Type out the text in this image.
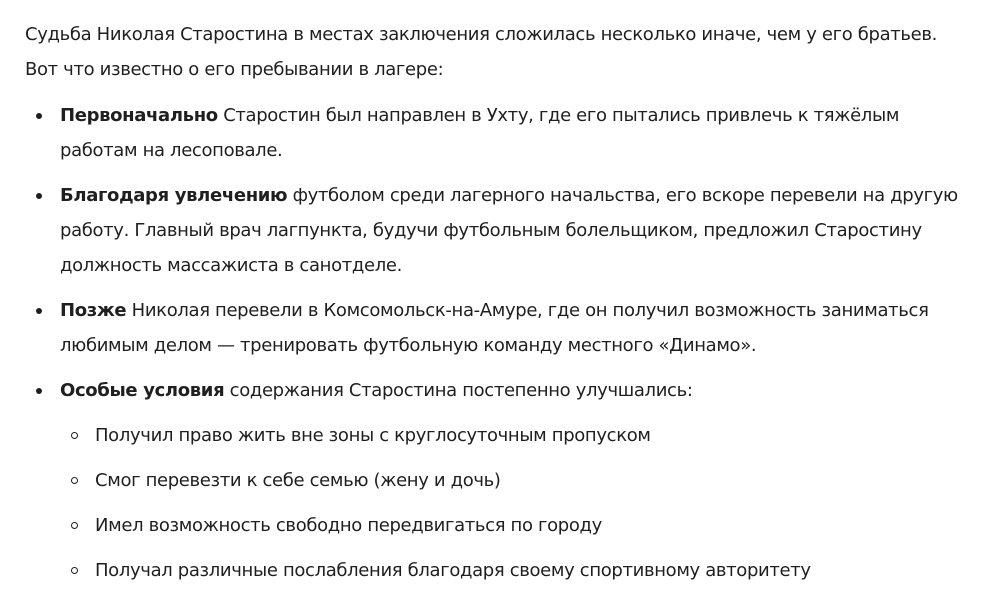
Судьба Николая Старостина в местах заключения сложилась несколько иначе, чем у его братьев. Вот что известно о его пребывании в лагере:

Первоначально Старостин был направлен в Ухту, где его пытались привлечь к тяжёлым работам на лесоповале.
Благодаря увлечению футболом среди лагерного начальства, его вскоре перевели на другую работу. Главный врач лагпункта, будучи футбольным болельщиком, предложил Старостину должность массажиста в санотделе.
Позже Николая перевели в Комсомольск-на-Амуре, где он получил возможность заниматься любимым делом — тренировать футбольную команду местного «Динамо».
Особые условия содержания Старостина постепенно улучшались:
Получил право жить вне зоны с круглосуточным пропуском
Смог перевезти к себе семью (жену и дочь)
Имел возможность свободно передвигаться по городу
Получал различные послабления благодаря своему спортивному авторитету
